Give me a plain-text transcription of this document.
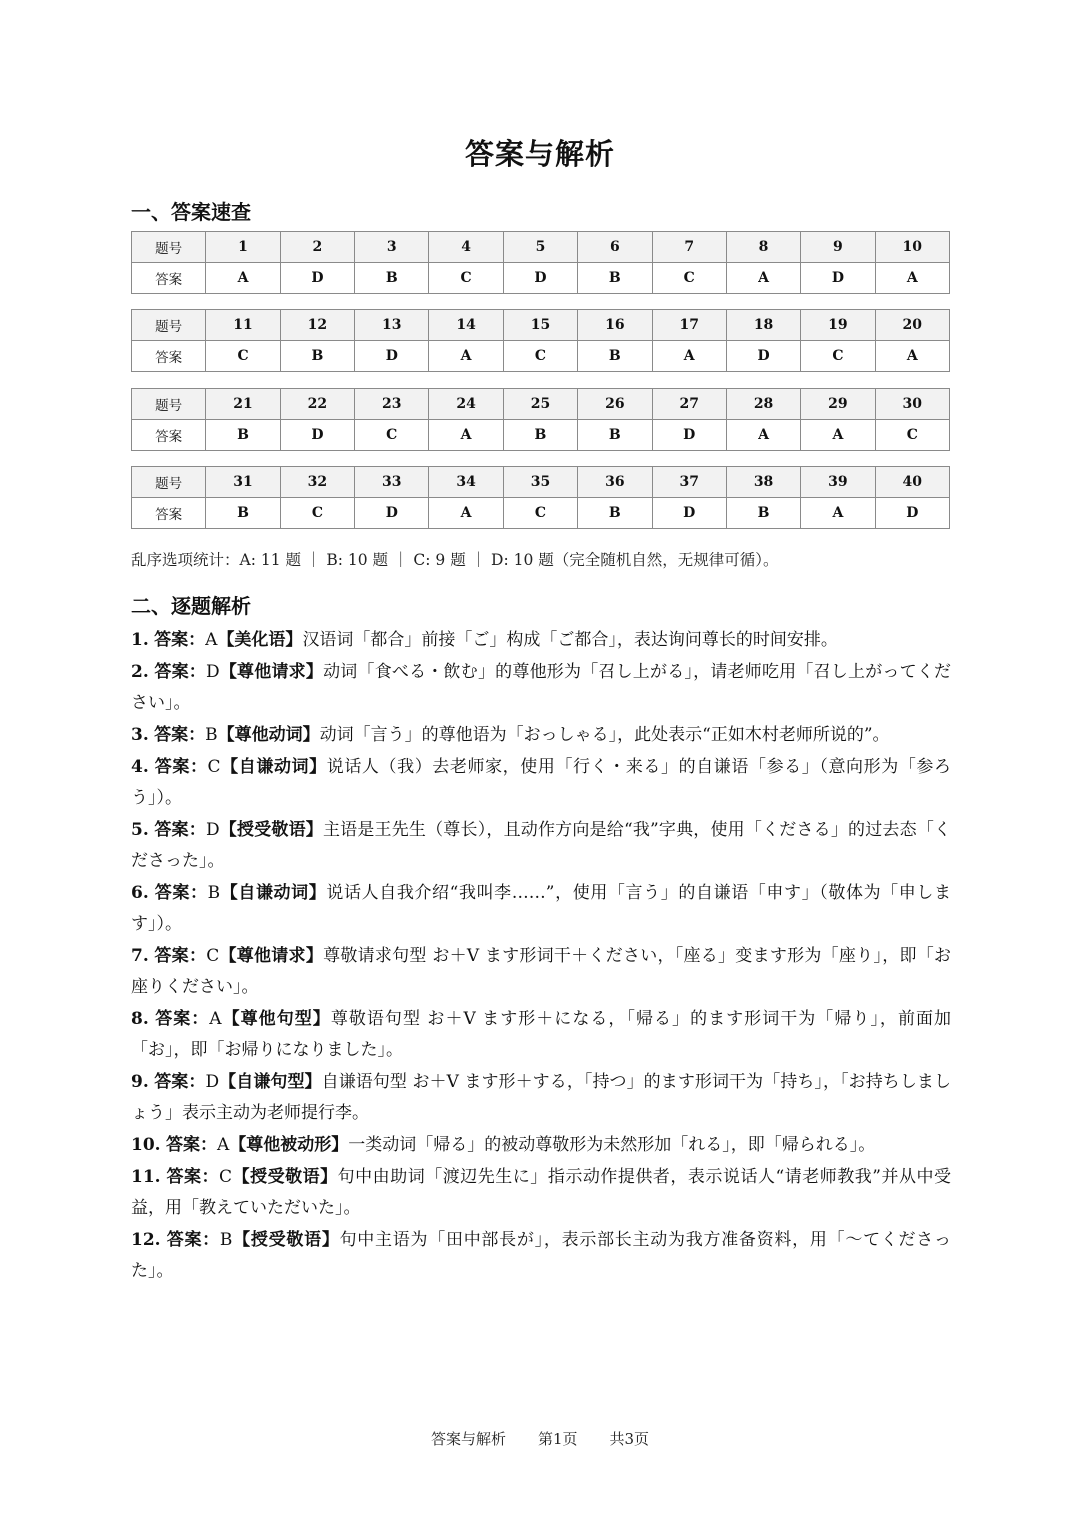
答案与解析
一、答案速查
题号	1	2	3	4	5	6	7	8	9	10
答案	A	D	B	C	D	B	C	A	D	A
题号	11	12	13	14	15	16	17	18	19	20
答案	C	B	D	A	C	B	A	D	C	A
题号	21	22	23	24	25	26	27	28	29	30
答案	B	D	C	A	B	B	D	A	A	C
题号	31	32	33	34	35	36	37	38	39	40
答案	B	C	D	A	C	B	D	B	A	D
乱序选项统计：A: 11 题 ｜ B: 10 题 ｜ C: 9 题 ｜ D: 10 题（完全随机自然，无规律可循）。
二、逐题解析
1. 答案：A【美化语】汉语词「都合」前接「ご」构成「ご都合」，表达询问尊长的时间安排。
2. 答案：D【尊他请求】动词「食べる・飲む」的尊他形为「召し上がる」，请老师吃用「召し上がってください」。
3. 答案：B【尊他动词】动词「言う」的尊他语为「おっしゃる」，此处表示“正如木村老师所说的”。
4. 答案：C【自谦动词】说话人（我）去老师家，使用「行く・来る」的自谦语「参る」（意向形为「参ろう」）。
5. 答案：D【授受敬语】主语是王先生（尊长），且动作方向是给“我”字典，使用「くださる」的过去态「くださった」。
6. 答案：B【自谦动词】说话人自我介绍“我叫李……”，使用「言う」的自谦语「申す」（敬体为「申します」）。
7. 答案：C【尊他请求】尊敬请求句型 お＋V ます形词干＋ください，「座る」变ます形为「座り」，即「お座りください」。
8. 答案：A【尊他句型】尊敬语句型 お＋V ます形＋になる，「帰る」的ます形词干为「帰り」，前面加「お」，即「お帰りになりました」。
9. 答案：D【自谦句型】自谦语句型 お＋V ます形＋する，「持つ」的ます形词干为「持ち」，「お持ちしましょう」表示主动为老师提行李。
10. 答案：A【尊他被动形】一类动词「帰る」的被动尊敬形为未然形加「れる」，即「帰られる」。
11. 答案：C【授受敬语】句中由助词「渡辺先生に」指示动作提供者，表示说话人“请老师教我”并从中受益，用「教えていただいた」。
12. 答案：B【授受敬语】句中主语为「田中部長が」，表示部长主动为我方准备资料，用「～てくださった」。
答案与解析 第1页 共3页
